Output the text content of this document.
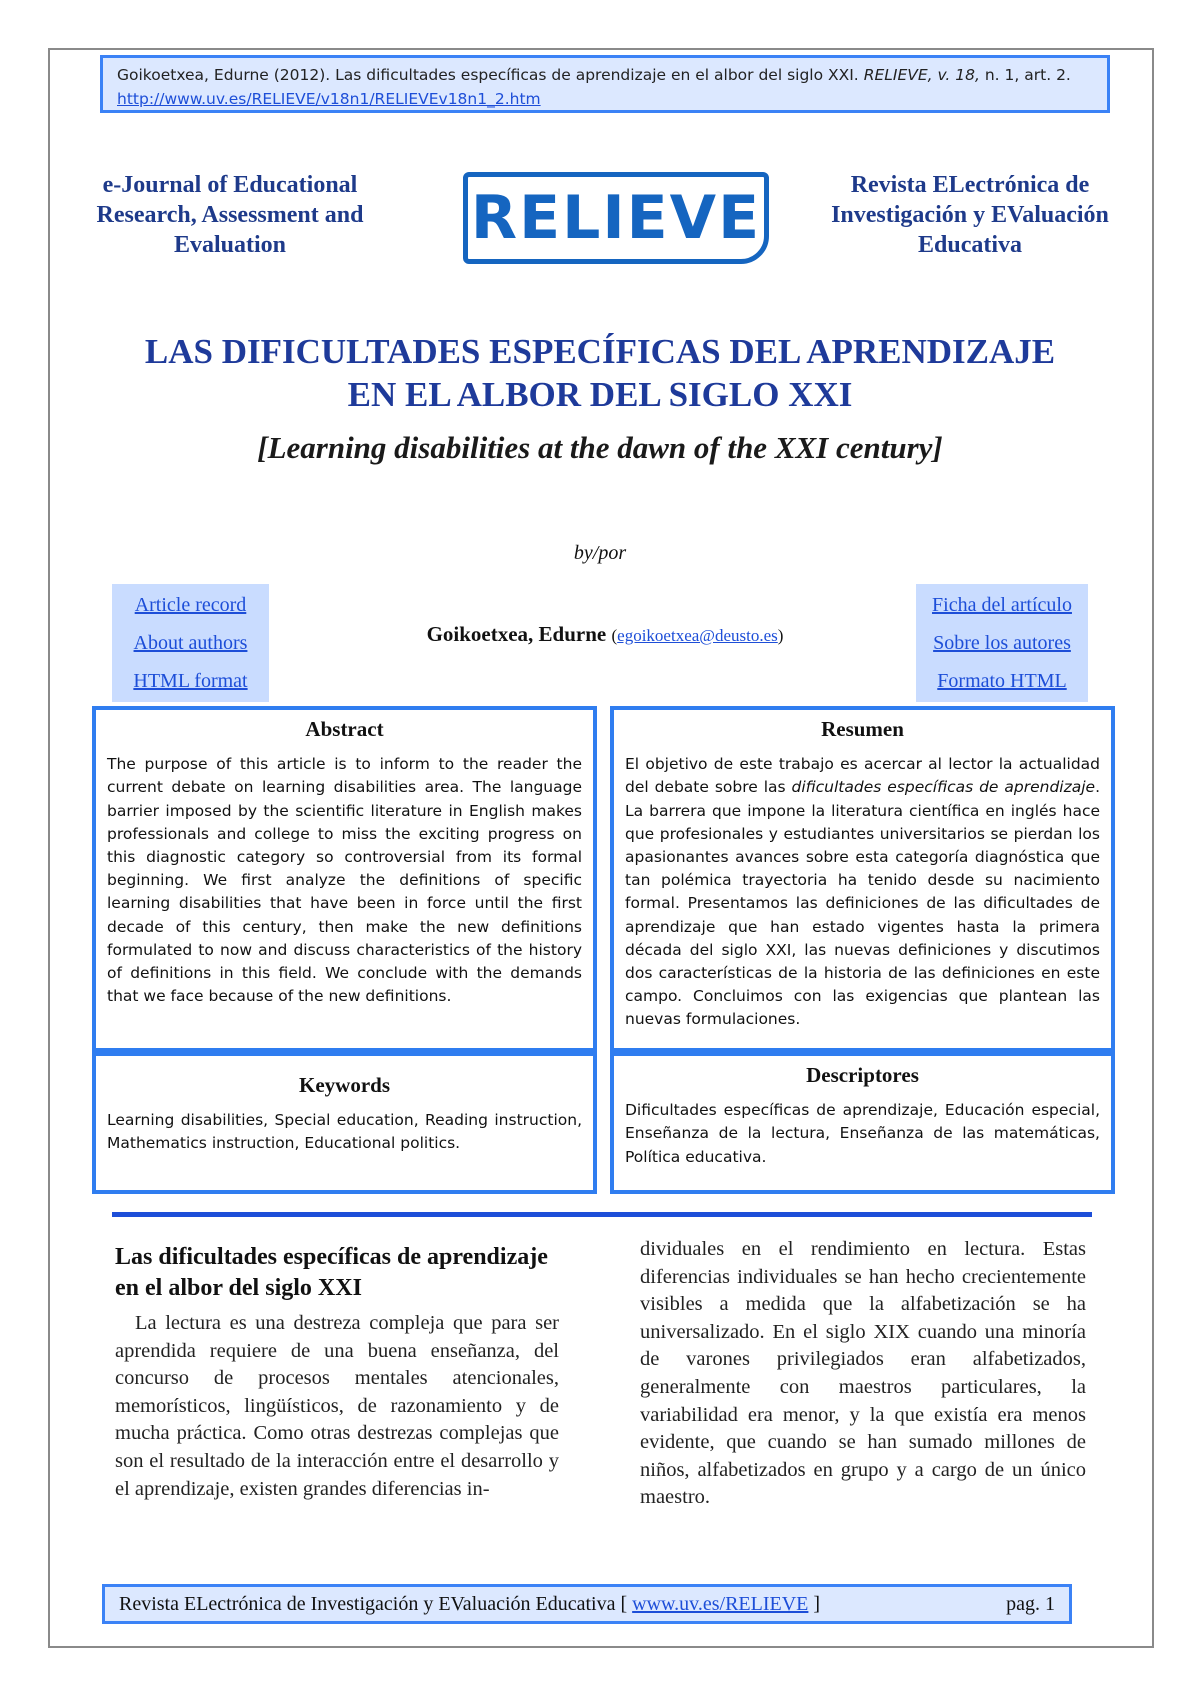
Goikoetxea, Edurne (2012). Las dificultades específicas de aprendizaje en el albor del siglo XXI. RELIEVE, v. 18, n. 1, art. 2. http://www.uv.es/RELIEVE/v18n1/RELIEVEv18n1_2.htm
e-Journal of Educational
Research, Assessment and
Evaluation	RELIEVE	Revista ELectrónica de
Investigación y EValuación
Educativa
LAS DIFICULTADES ESPECÍFICAS DEL APRENDIZAJE
EN EL ALBOR DEL SIGLO XXI
[Learning disabilities at the dawn of the XXI century]
by/por
Article record
About authors
HTML format
Goikoetxea, Edurne (egoikoetxea@deusto.es)
Ficha del artículo
Sobre los autores
Formato HTML
Abstract

The purpose of this article is to inform to the reader the current debate on learning disabilities area. The language barrier imposed by the scientific literature in English makes professionals and college to miss the exciting progress on this diagnostic category so controversial from its formal beginning. We first analyze the definitions of specific learning disabilities that have been in force until the first decade of this century, then make the new definitions formulated to now and discuss characteristics of the history of definitions in this field. We conclude with the demands that we face because of the new definitions.

Keywords

Learning disabilities, Special education, Reading instruction, Mathematics instruction, Educational politics.

Resumen

El objetivo de este trabajo es acercar al lector la actualidad del debate sobre las dificultades específicas de aprendizaje. La barrera que impone la literatura científica en inglés hace que profesionales y estudiantes universitarios se pierdan los apasionantes avances sobre esta categoría diagnóstica que tan polémica trayectoria ha tenido desde su nacimiento formal. Presentamos las definiciones de las dificultades de aprendizaje que han estado vigentes hasta la primera década del siglo XXI, las nuevas definiciones y discutimos dos características de la historia de las definiciones en este campo. Concluimos con las exigencias que plantean las nuevas formulaciones.

Descriptores

Dificultades específicas de aprendizaje, Educación especial, Enseñanza de la lectura, Enseñanza de las matemáticas, Política educativa.

Las dificultades específicas de aprendizaje en el albor del siglo XXI

La lectura es una destreza compleja que para ser aprendida requiere de una buena enseñanza, del concurso de procesos mentales atencionales, memorísticos, lingüísticos, de razonamiento y de mucha práctica. Como otras destrezas complejas que son el resultado de la interacción entre el desarrollo y el aprendizaje, existen grandes diferencias in-

dividuales en el rendimiento en lectura. Estas diferencias individuales se han hecho crecientemente visibles a medida que la alfabetización se ha universalizado. En el siglo XIX cuando una minoría de varones privilegiados eran alfabetizados, generalmente con maestros particulares, la variabilidad era menor, y la que existía era menos evidente, que cuando se han sumado millones de niños, alfabetizados en grupo y a cargo de un único maestro.

Revista ELectrónica de Investigación y EValuación Educativa [
www.uv.es/RELIEVE
]	pag. 1
